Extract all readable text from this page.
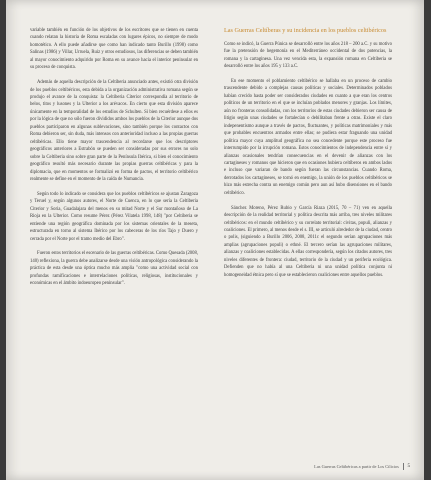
variable también en función de los objetivos de los escritores que se tienen en cuenta cuando relatan la historia de Roma escaladas con lugares épicos, no siempre de modo homotético. A ello puede añadirse que como han indicado tanto Burillo (1998) como Salinas (1986) y Villar, Urruela, Ruiz y otros estudiosos, las diferencias se deben también al mayor conocimiento adquirido por Roma en su avance hacia el interior peninsular en su proceso de conquista.

Además de aquella descripción de la Celtiberia anunciado antes, existió otra división de los pueblos celtibéricos, esta debida a la organización administrativa romana según se produjo el avance de la conquista: la Celtiberia Citerior correspondía al territorio de belos, titos y lusones y la Ulterior a los arévacos. En cierto que esta división aparece únicamente en la temporalidad de los estudios de Schulten. Si bien recuérdese a ellos es por la lógica de que no sólo fueron divididos ambos los pueblos de la Citerior aunque dos pueblos participaron en algunas sublevaciones, sino también porque los contactos con Roma debieron ser, sin duda, más intensos con anterioridad incluso a las propias guerras celtibéricas. Ello tiene mayor trascendencia al recordarse que los descriptores geográficos anteriores a Estrabón se pueden ser consideradas por sus errores no solo sobre la Celtiberia sino sobre gran parte de la Península Ibérica, si bien el conocimiento geográfico resultó más necesario durante las propias guerras celtibéricas y para la diplomacia, que en momentos se formalizó en forma de pactos, el territorio celtibérico realmente se define en el momento de la caída de Numancia.

Según todo lo indicado se considera que los pueblos celtibéricos se ajustan Zaragoza y Teruel y, según algunos autores, el Norte de Cuenca, en lo que sería la Celtiberia Citerior y Soria, Guadalajara del menos en su mitad Norte y el Sur montañoso de La Rioja en la Ulterior. Como resume Pérez (Pérez Vilatela 1998, 148) "por Celtiberia se entiende una región geográfica dominada por los sistemas orientales de la meseta, estructurada en torno al sistema Ibérico por los cabeceras de los ríos Tajo y Duero y cerrada por el Norte por el tramo medio del Ebro".

Fueron estos territorios el escenario de las guerras celtibéricas. Como Quesada (2008, 140) reflexiona, la guerra debe analizarse desde una visión antropológica considerando la práctica de esta desde una óptica mucho más amplia "como una actividad social con profundas ramificaciones e interrelaciones políticas, religiosas, institucionales y económicas en el ámbito indoeuropeo peninsular".

Las Guerras Celtíberas y su incidencia en los pueblos celtibéricos

Como se indicó, la Guerra Púnica se desarrolló entre los años 218 – 200 a.C. y su motivo fue la pretensión de hegemonía en el Mediterráneo occidental de dos potencias, la romana y la cartaginesa. Una vez vencida esta, la expansión romana en Celtiberia se desarrolló entre los años 195 y 133 a.C.

En ese momento el poblamiento celtibérico se hallaba en un proceso de cambio trascendente debido a complejas causas políticas y sociales. Determinados poblados habían crecido hasta poder ser considerados ciudades en cuanto a que eran los centros políticos de un territorio en el que se incluían poblados menores y granjas. Los límites, aún no fronteras consolidadas, con los territorios de estas ciudades debieron ser causa de litigio según unas ciudades se fortalecían o debilitaban frente a otras. Existe el claro indepenentismo aunque a través de pactos, fluctuantes, y políticas matrimoniales y más que probables encuentros armados entre ellas; se pudiera estar fraguando una unidad política mayor cuya amplitud geográfica no sea concedente porque este proceso fue interrumpido por la irrupción romana. Estos conocimientos de independencia entre sí y alianzas ocasionales tendrían consecuencias en el devenir de alianzas con los cartagineses y romanos que hicieron que en ocasiones hubiera celtíberos en ambos lados e incluso que variaran de bando según fueran las circunstancias. Cuando Roma, derrotados los cartagineses, se tornó en enemigo, la unión de los pueblos celtibéricos se hizo más estrecha contra un enemigo común pero aun así hubo disensiones en el bando celtibérico.

Sánchez Moreno, Pérez Rubio y García Riaza (2015, 70 – 71) ven en aquella descripción de la realidad territorial y política descrita más arriba, tres niveles militares celtibéricos: en el mundo celtibérico y su correlato territorial: civitas, populi, alianzas y coaliciones. El primero, al menos desde el s. III, se articuló alrededor de la ciudad, centro o polis, (siguiendo a Burillo 2006, 2008, 2011c el segundo serían agrupaciones más amplias (agrupaciones populi) o ethné. El tercero serían las agrupaciones militares, alianzas y coaliciones establecidas. A ellas correspondería, según los citados autores, tres niveles diferentes de frontera: ciudad, territorio de la ciudad y un periferia ecológica. Defienden que no había al una Celtiberia ni una unidad política conjunta ni homogeneidad étnica pero sí que se establecieron coaliciones entre aquellos pueblos.

Las Guerras Celtibéricas a partir de Los Cilicios 5
